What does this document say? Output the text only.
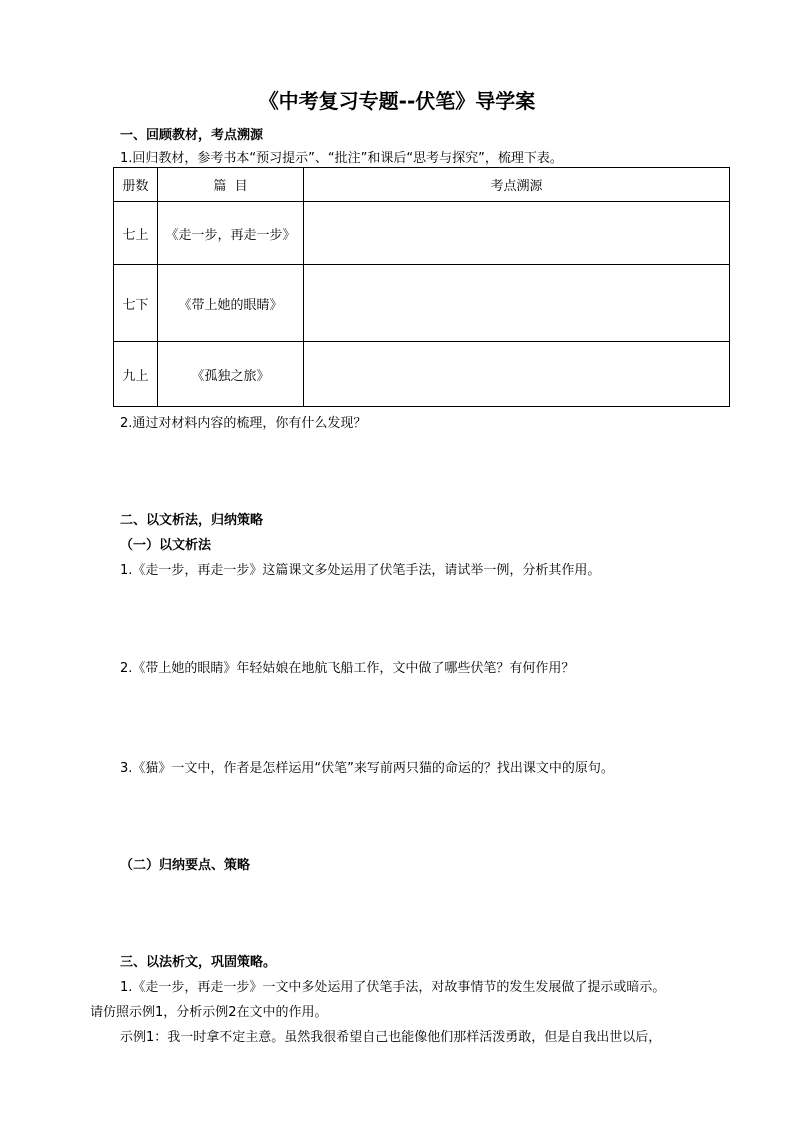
《中考复习专题--伏笔》导学案
一、回顾教材，考点溯源
1.回归教材，参考书本“预习提示”、“批注”和课后“思考与探究”，梳理下表。
册数	篇  目	考点溯源
七上	《走一步，再走一步》	
七下	《带上她的眼睛》	
九上	《孤独之旅》	
2.通过对材料内容的梳理，你有什么发现？
二、以文析法，归纳策略
（一）以文析法
1.《走一步，再走一步》这篇课文多处运用了伏笔手法，请试举一例，分析其作用。
2.《带上她的眼睛》年轻姑娘在地航飞船工作，文中做了哪些伏笔？有何作用？
3.《猫》一文中，作者是怎样运用“伏笔”来写前两只猫的命运的？找出课文中的原句。
（二）归纳要点、策略
三、以法析文，巩固策略。
1.《走一步，再走一步》一文中多处运用了伏笔手法，对故事情节的发生发展做了提示或暗示。
请仿照示例1，分析示例2在文中的作用。
示例1：我一时拿不定主意。虽然我很希望自己也能像他们那样活泼勇敢，但是自我出世以后，
